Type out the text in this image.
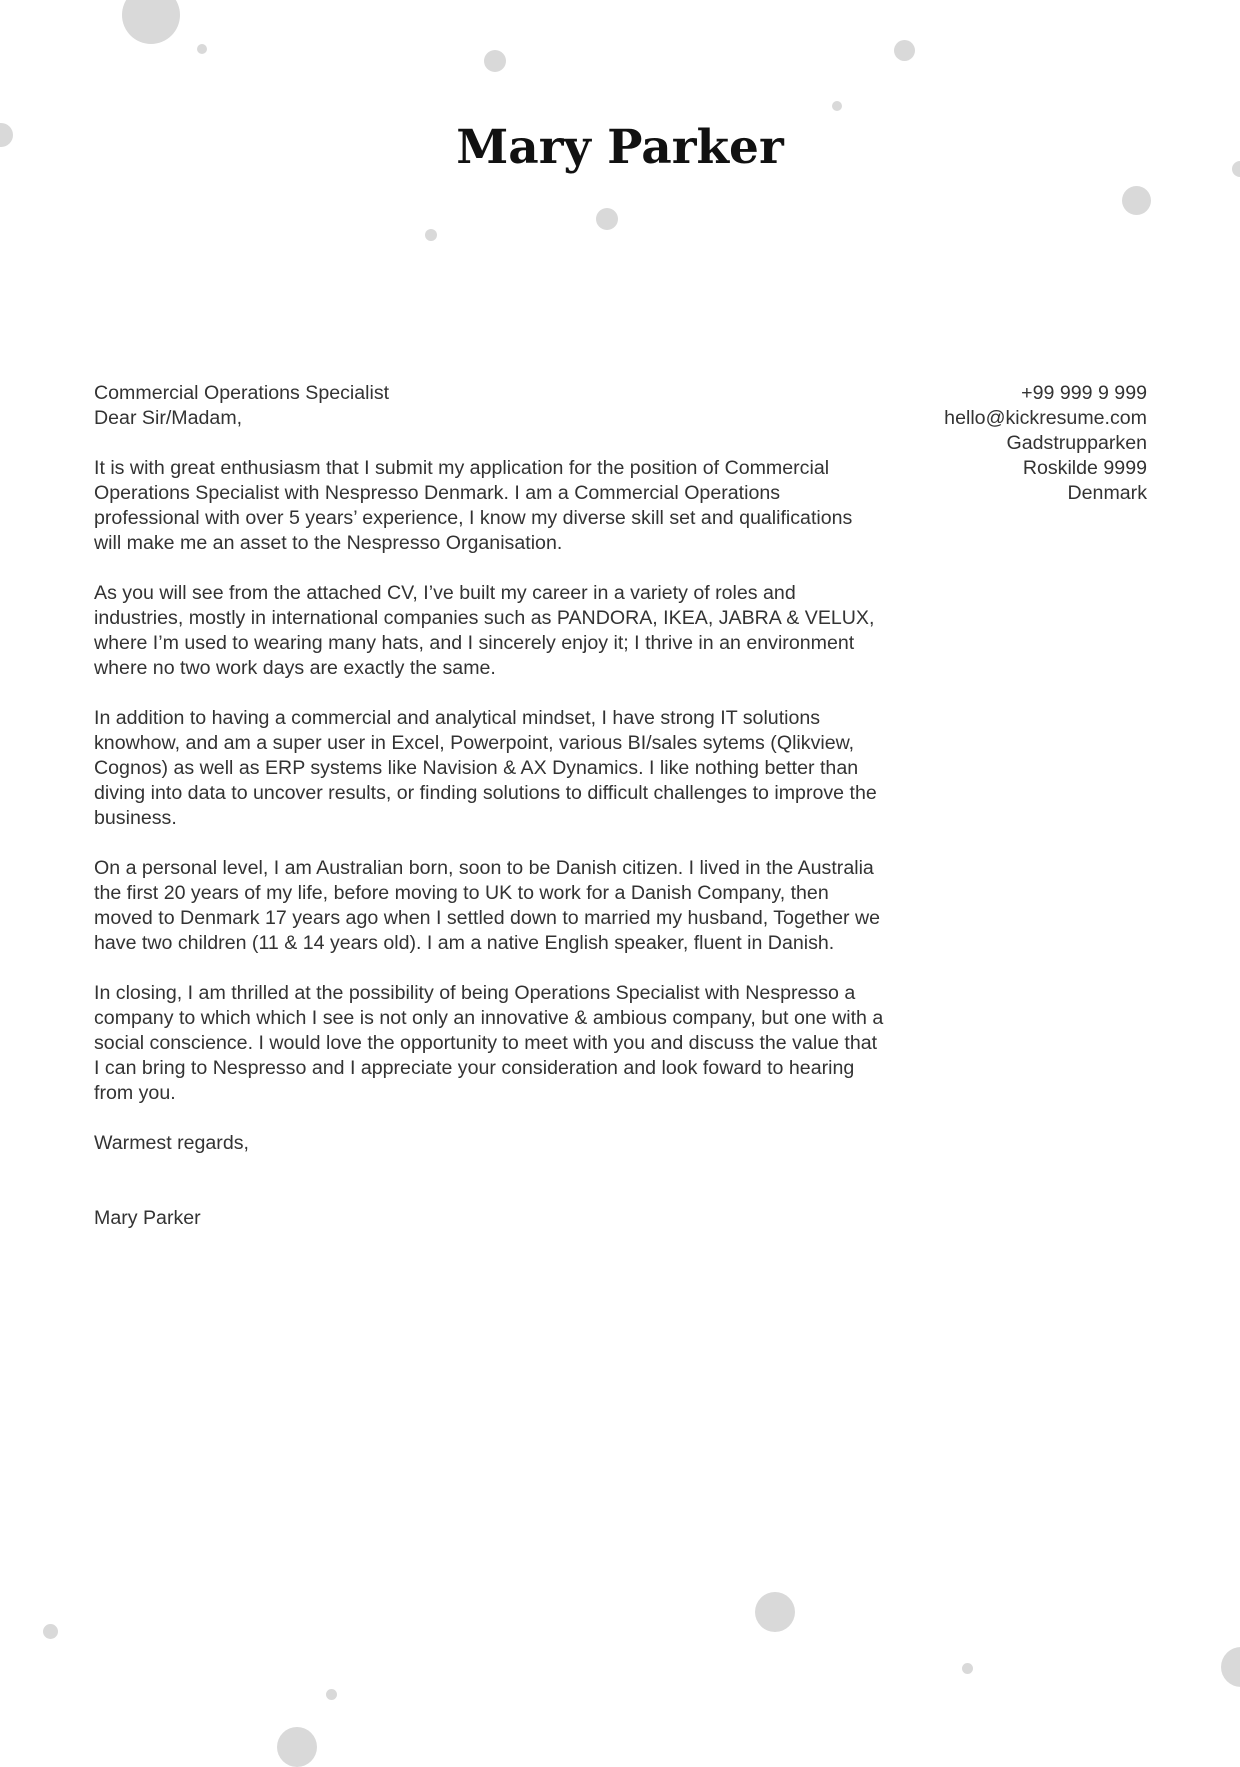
Mary Parker
+99 999 9 999
hello@kickresume.com
Gadstrupparken
Roskilde 9999
Denmark

Commercial Operations Specialist

Dear Sir/Madam,

It is with great enthusiasm that I submit my application for the position of Commercial Operations Specialist with Nespresso Denmark. I am a Commercial Operations professional with over 5 years’ experience, I know my diverse skill set and qualifications will make me an asset to the Nespresso Organisation.

As you will see from the attached CV, I’ve built my career in a variety of roles and industries, mostly in international companies such as PANDORA, IKEA, JABRA & VELUX, where I’m used to wearing many hats, and I sincerely enjoy it; I thrive in an environment where no two work days are exactly the same.

In addition to having a commercial and analytical mindset, I have strong IT solutions knowhow, and am a super user in Excel, Powerpoint, various BI/sales sytems (Qlikview, Cognos) as well as ERP systems like Navision & AX Dynamics. I like nothing better than diving into data to uncover results, or finding solutions to difficult challenges to improve the business.

On a personal level, I am Australian born, soon to be Danish citizen. I lived in the Australia the first 20 years of my life, before moving to UK to work for a Danish Company, then moved to Denmark 17 years ago when I settled down to married my husband, Together we have two children (11 & 14 years old). I am a native English speaker, fluent in Danish.

In closing, I am thrilled at the possibility of being Operations Specialist with Nespresso a company to which which I see is not only an innovative & ambious company, but one with a social conscience. I would love the opportunity to meet with you and discuss the value that I can bring to Nespresso and I appreciate your consideration and look foward to hearing from you.

Warmest regards,

Mary Parker
